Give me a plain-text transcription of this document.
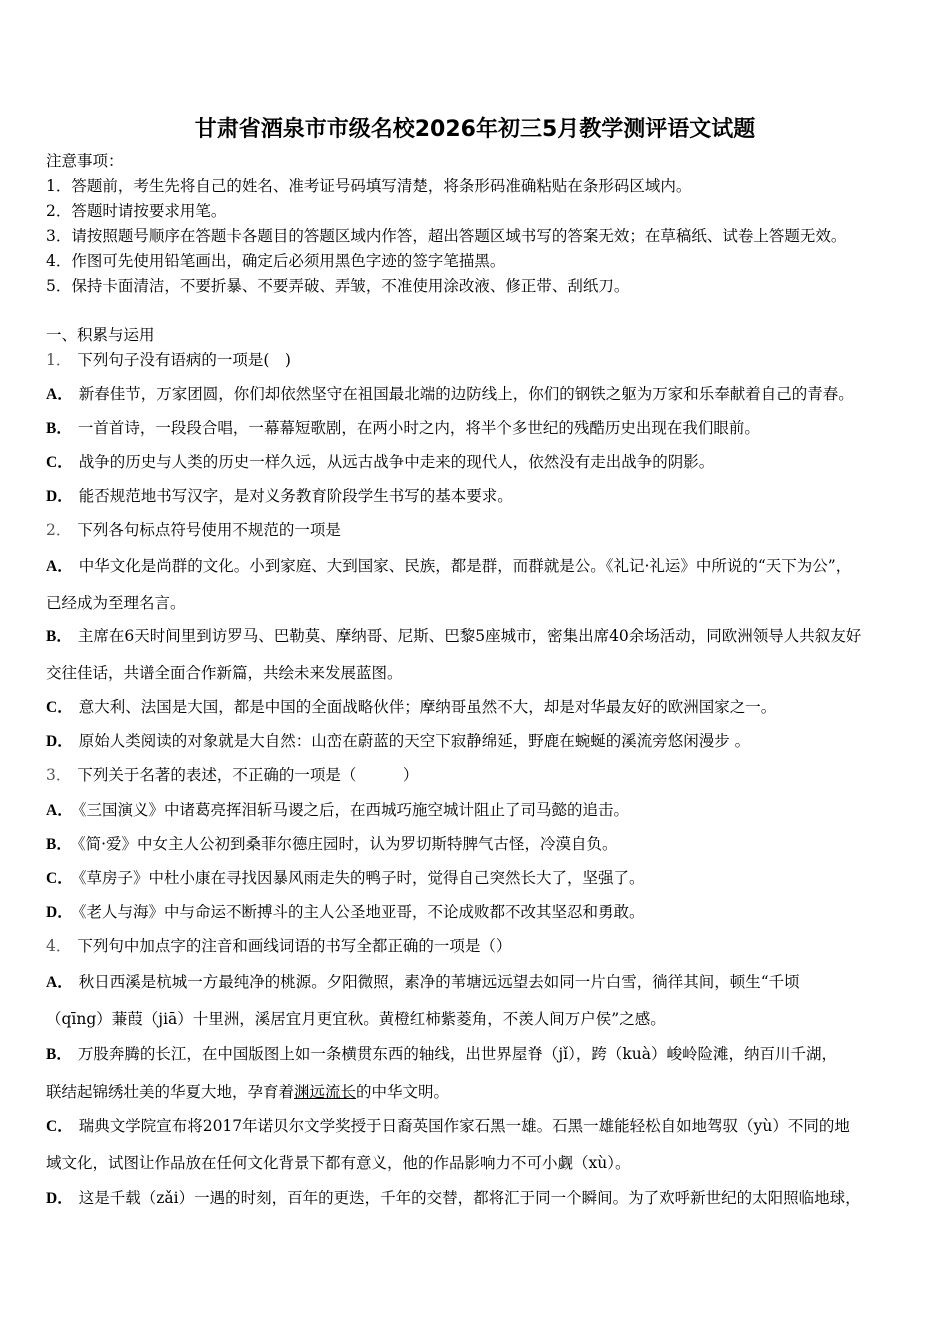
甘肃省酒泉市市级名校2026年初三5月教学测评语文试题
注意事项：
1．答题前，考生先将自己的姓名、准考证号码填写清楚，将条形码准确粘贴在条形码区域内。
2．答题时请按要求用笔。
3．请按照题号顺序在答题卡各题目的答题区域内作答，超出答题区域书写的答案无效；在草稿纸、试卷上答题无效。
4．作图可先使用铅笔画出，确定后必须用黑色字迹的签字笔描黑。
5．保持卡面清洁，不要折暴、不要弄破、弄皱，不准使用涂改液、修正带、刮纸刀。
一、积累与运用
1． 下列句子没有语病的一项是(　)
A． 新春佳节，万家团圆，你们却依然坚守在祖国最北端的边防线上，你们的钢铁之躯为万家和乐奉献着自己的青春。
B． 一首首诗，一段段合唱，一幕幕短歌剧，在两小时之内，将半个多世纪的残酷历史出现在我们眼前。
C． 战争的历史与人类的历史一样久远，从远古战争中走来的现代人，依然没有走出战争的阴影。
D． 能否规范地书写汉字，是对义务教育阶段学生书写的基本要求。
2． 下列各句标点符号使用不规范的一项是
A． 中华文化是尚群的文化。小到家庭、大到国家、民族，都是群，而群就是公。《礼记·礼运》中所说的“天下为公”，
已经成为至理名言。
B． 主席在6天时间里到访罗马、巴勒莫、摩纳哥、尼斯、巴黎5座城市，密集出席40余场活动，同欧洲领导人共叙友好
交往佳话，共谱全面合作新篇，共绘未来发展蓝图。
C． 意大利、法国是大国，都是中国的全面战略伙伴；摩纳哥虽然不大，却是对华最友好的欧洲国家之一。
D． 原始人类阅读的对象就是大自然：山峦在蔚蓝的天空下寂静绵延，野鹿在蜿蜒的溪流旁悠闲漫步 。
3． 下列关于名著的表述，不正确的一项是（　　　）
A． 《三国演义》中诸葛亮挥泪斩马谡之后，在西城巧施空城计阻止了司马懿的追击。
B． 《简·爱》中女主人公初到桑菲尔德庄园时，认为罗切斯特脾气古怪，冷漠自负。
C． 《草房子》中杜小康在寻找因暴风雨走失的鸭子时，觉得自己突然长大了，坚强了。
D． 《老人与海》中与命运不断搏斗的主人公圣地亚哥，不论成败都不改其坚忍和勇敢。
4． 下列句中加点字的注音和画线词语的书写全都正确的一项是（）
A． 秋日西溪是杭城一方最纯净的桃源。夕阳微照，素净的苇塘远远望去如同一片白雪，徜徉其间，顿生“千顷
（qīng）蒹葭（jiā）十里洲，溪居宜月更宜秋。黄橙红柿紫菱角，不羡人间万户侯”之感。
B． 万股奔腾的长江，在中国版图上如一条横贯东西的轴线，出世界屋脊（jǐ），跨（kuà）峻岭险滩，纳百川千湖，
联结起锦绣壮美的华夏大地，孕育着渊远流长的中华文明。
C． 瑞典文学院宣布将2017年诺贝尔文学奖授于日裔英国作家石黑一雄。石黑一雄能轻松自如地驾驭（yù）不同的地
域文化，试图让作品放在任何文化背景下都有意义，他的作品影响力不可小觑（xù）。
D． 这是千载（zǎi）一遇的时刻，百年的更迭，千年的交替，都将汇于同一个瞬间。为了欢呼新世纪的太阳照临地球，
